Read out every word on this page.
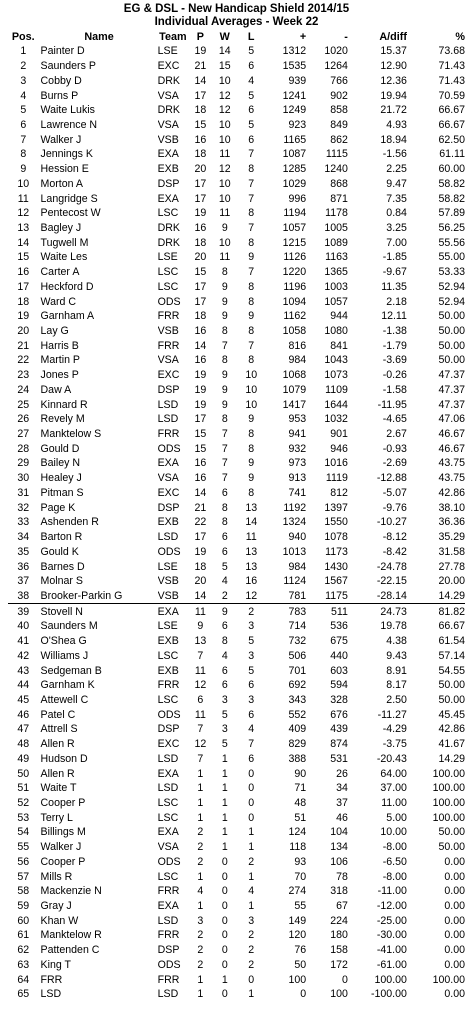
EG & DSL - New Handicap Shield 2014/15
Individual Averages - Week 22
Pos.	Name	Team	P	W	L	+	-	A/diff	%
1	Painter D	LSE	19	14	5	1312	1020	15.37	73.68
2	Saunders P	EXC	21	15	6	1535	1264	12.90	71.43
3	Cobby D	DRK	14	10	4	939	766	12.36	71.43
4	Burns P	VSA	17	12	5	1241	902	19.94	70.59
5	Waite Lukis	DRK	18	12	6	1249	858	21.72	66.67
6	Lawrence N	VSA	15	10	5	923	849	4.93	66.67
7	Walker J	VSB	16	10	6	1165	862	18.94	62.50
8	Jennings K	EXA	18	11	7	1087	1115	-1.56	61.11
9	Hession E	EXB	20	12	8	1285	1240	2.25	60.00
10	Morton A	DSP	17	10	7	1029	868	9.47	58.82
11	Langridge S	EXA	17	10	7	996	871	7.35	58.82
12	Pentecost W	LSC	19	11	8	1194	1178	0.84	57.89
13	Bagley J	DRK	16	9	7	1057	1005	3.25	56.25
14	Tugwell M	DRK	18	10	8	1215	1089	7.00	55.56
15	Waite Les	LSE	20	11	9	1126	1163	-1.85	55.00
16	Carter A	LSC	15	8	7	1220	1365	-9.67	53.33
17	Heckford D	LSC	17	9	8	1196	1003	11.35	52.94
18	Ward C	ODS	17	9	8	1094	1057	2.18	52.94
19	Garnham A	FRR	18	9	9	1162	944	12.11	50.00
20	Lay G	VSB	16	8	8	1058	1080	-1.38	50.00
21	Harris B	FRR	14	7	7	816	841	-1.79	50.00
22	Martin P	VSA	16	8	8	984	1043	-3.69	50.00
23	Jones P	EXC	19	9	10	1068	1073	-0.26	47.37
24	Daw A	DSP	19	9	10	1079	1109	-1.58	47.37
25	Kinnard R	LSD	19	9	10	1417	1644	-11.95	47.37
26	Revely M	LSD	17	8	9	953	1032	-4.65	47.06
27	Manktelow S	FRR	15	7	8	941	901	2.67	46.67
28	Gould D	ODS	15	7	8	932	946	-0.93	46.67
29	Bailey N	EXA	16	7	9	973	1016	-2.69	43.75
30	Healey J	VSA	16	7	9	913	1119	-12.88	43.75
31	Pitman S	EXC	14	6	8	741	812	-5.07	42.86
32	Page K	DSP	21	8	13	1192	1397	-9.76	38.10
33	Ashenden R	EXB	22	8	14	1324	1550	-10.27	36.36
34	Barton R	LSD	17	6	11	940	1078	-8.12	35.29
35	Gould K	ODS	19	6	13	1013	1173	-8.42	31.58
36	Barnes D	LSE	18	5	13	984	1430	-24.78	27.78
37	Molnar S	VSB	20	4	16	1124	1567	-22.15	20.00
38	Brooker-Parkin G	VSB	14	2	12	781	1175	-28.14	14.29
39	Stovell N	EXA	11	9	2	783	511	24.73	81.82
40	Saunders M	LSE	9	6	3	714	536	19.78	66.67
41	O'Shea G	EXB	13	8	5	732	675	4.38	61.54
42	Williams J	LSC	7	4	3	506	440	9.43	57.14
43	Sedgeman B	EXB	11	6	5	701	603	8.91	54.55
44	Garnham K	FRR	12	6	6	692	594	8.17	50.00
45	Attewell C	LSC	6	3	3	343	328	2.50	50.00
46	Patel C	ODS	11	5	6	552	676	-11.27	45.45
47	Attrell S	DSP	7	3	4	409	439	-4.29	42.86
48	Allen R	EXC	12	5	7	829	874	-3.75	41.67
49	Hudson D	LSD	7	1	6	388	531	-20.43	14.29
50	Allen R	EXA	1	1	0	90	26	64.00	100.00
51	Waite T	LSD	1	1	0	71	34	37.00	100.00
52	Cooper P	LSC	1	1	0	48	37	11.00	100.00
53	Terry L	LSC	1	1	0	51	46	5.00	100.00
54	Billings M	EXA	2	1	1	124	104	10.00	50.00
55	Walker J	VSA	2	1	1	118	134	-8.00	50.00
56	Cooper P	ODS	2	0	2	93	106	-6.50	0.00
57	Mills R	LSC	1	0	1	70	78	-8.00	0.00
58	Mackenzie N	FRR	4	0	4	274	318	-11.00	0.00
59	Gray J	EXA	1	0	1	55	67	-12.00	0.00
60	Khan W	LSD	3	0	3	149	224	-25.00	0.00
61	Manktelow R	FRR	2	0	2	120	180	-30.00	0.00
62	Pattenden C	DSP	2	0	2	76	158	-41.00	0.00
63	King T	ODS	2	0	2	50	172	-61.00	0.00
64	FRR	FRR	1	1	0	100	0	100.00	100.00
65	LSD	LSD	1	0	1	0	100	-100.00	0.00
